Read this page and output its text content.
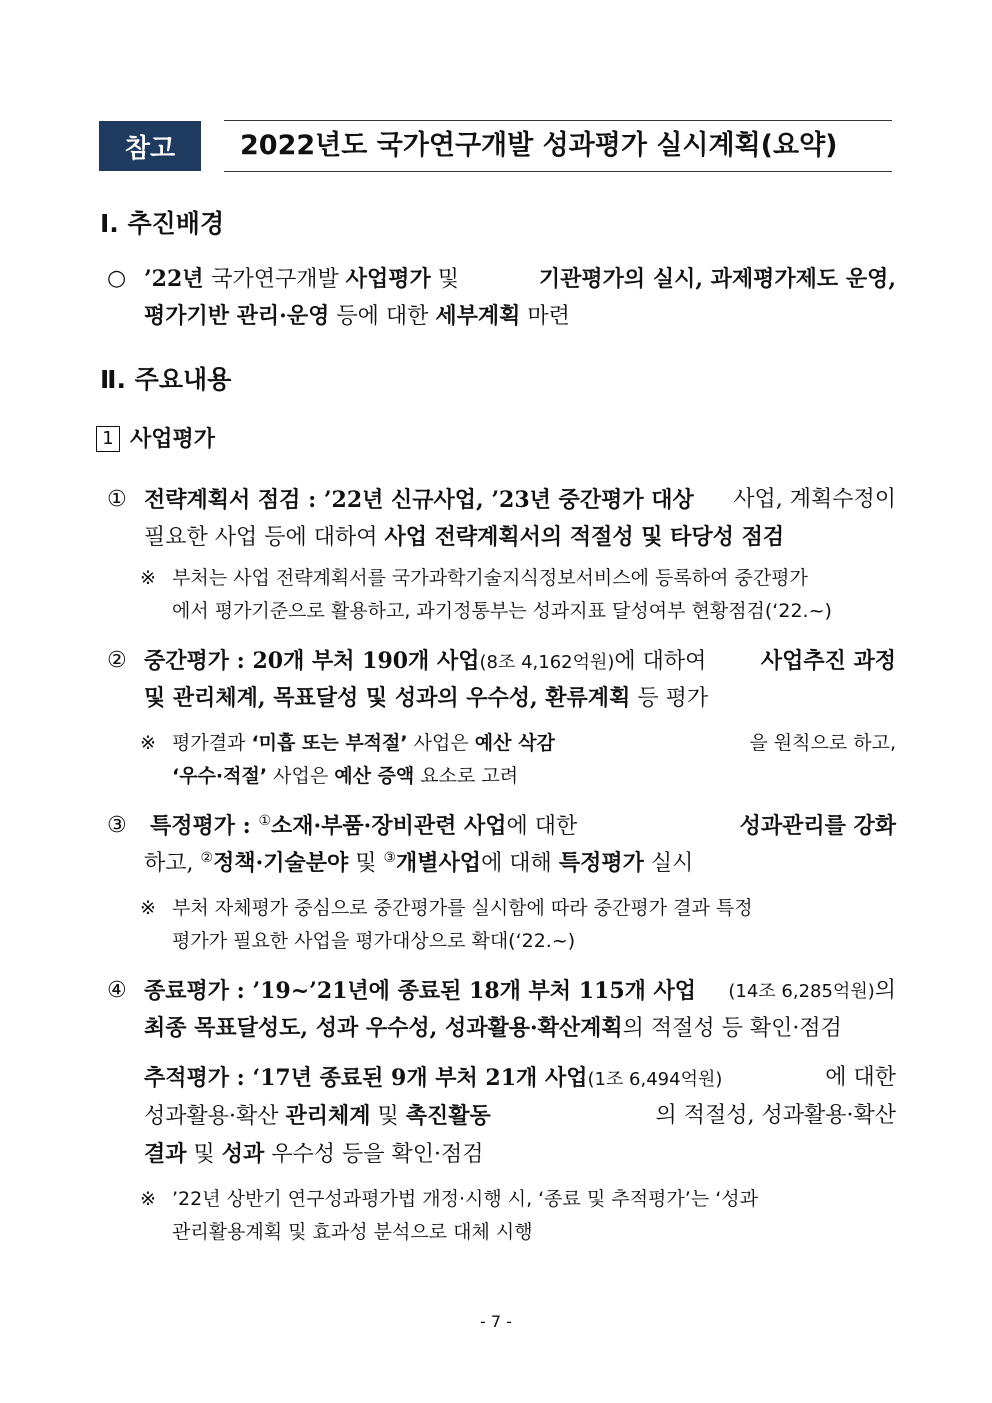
참고	2022년도 국가연구개발 성과평가 실시계획(요약)
Ⅰ. 추진배경
○ ’22년 국가연구개발 사업평가 및	기관평가의 실시, 과제평가제도 운영,
평가기반 관리·운영 등에 대한 세부계획 마련
Ⅱ. 주요내용
1 사업평가
① 전략계획서 점검 : ’22년 신규사업, ’23년 중간평가 대상 사업, 계획수정이
필요한 사업 등에 대하여 사업 전략계획서의 적절성 및 타당성 점검
※ 부처는 사업 전략계획서를 국가과학기술지식정보서비스에 등록하여 중간평가
에서 평가기준으로 활용하고, 과기정통부는 성과지표 달성여부 현황점검(‘22.~)
② 중간평가 : 20개 부처 190개 사업(8조 4,162억원)에 대하여 사업추진 과정
및 관리체계, 목표달성 및 성과의 우수성, 환류계획 등 평가
※ 평가결과 ‘미흡 또는 부적절’ 사업은 예산 삭감	을 원칙으로 하고,
‘우수·적절’ 사업은 예산 증액 요소로 고려
③ 특정평가 : ①소재·부품·장비관련 사업에 대한	성과관리를 강화
하고, ②정책·기술분야 및 ③개별사업에 대해 특정평가 실시
※ 부처 자체평가 중심으로 중간평가를 실시함에 따라 중간평가 결과 특정
평가가 필요한 사업을 평가대상으로 확대(‘22.~)
④ 종료평가 : ’19~’21년에 종료된 18개 부처 115개 사업 (14조 6,285억원)의
최종 목표달성도, 성과 우수성, 성과활용·확산계획의 적절성 등 확인·점검
추적평가 : ‘17년 종료된 9개 부처 21개 사업(1조 6,494억원)	에 대한
성과활용·확산 관리체계 및 촉진활동	의 적절성, 성과활용·확산
결과 및 성과 우수성 등을 확인·점검
※ ’22년 상반기 연구성과평가법 개정·시행 시, ‘종료 및 추적평가’는 ‘성과
관리활용계획 및 효과성 분석으로 대체 시행
- 7 -
